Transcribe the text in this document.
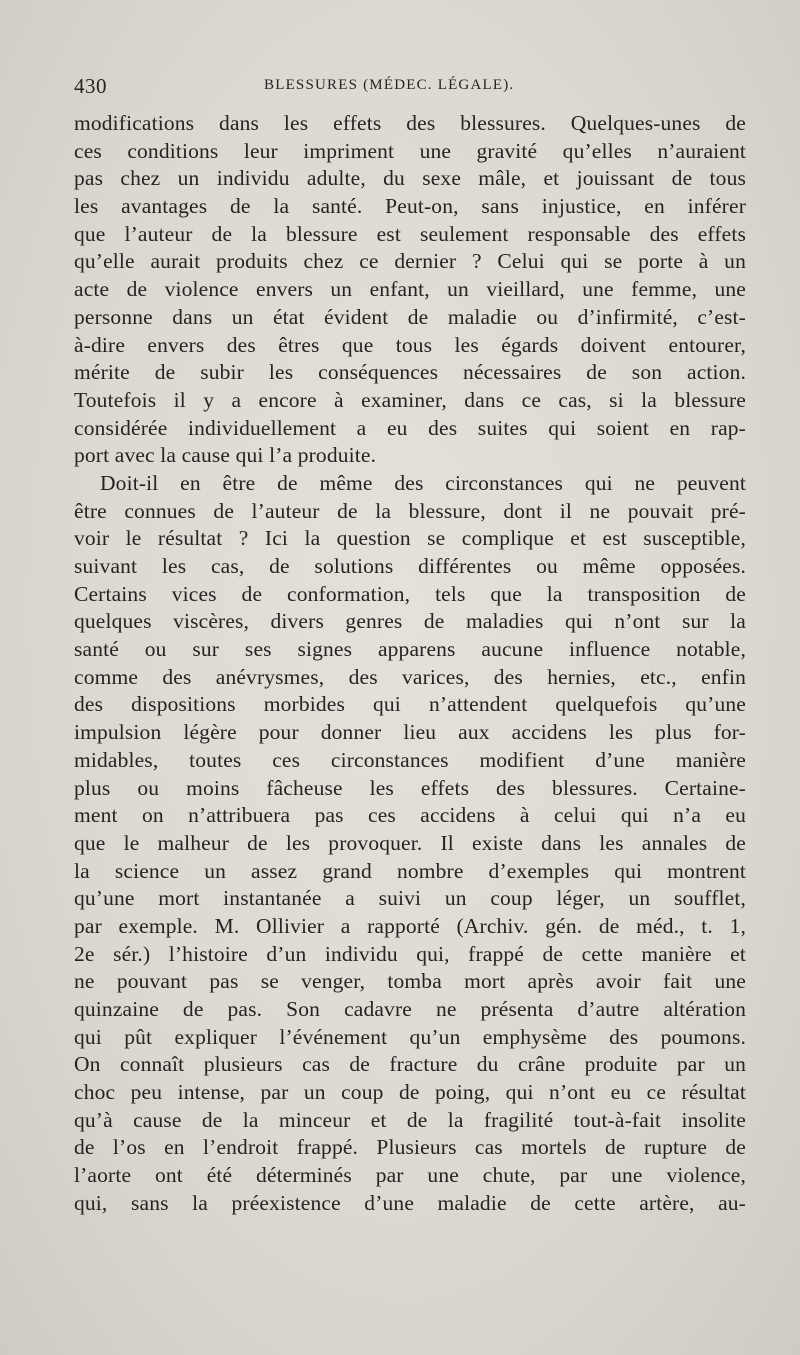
430	BLESSURES (MÉDEC. LÉGALE).
modifications dans les effets des blessures. Quelques-unes de
ces conditions leur impriment une gravité qu’elles n’auraient
pas chez un individu adulte, du sexe mâle, et jouissant de tous
les avantages de la santé. Peut-on, sans injustice, en inférer
que l’auteur de la blessure est seulement responsable des effets
qu’elle aurait produits chez ce dernier ? Celui qui se porte à un
acte de violence envers un enfant, un vieillard, une femme, une
personne dans un état évident de maladie ou d’infirmité, c’est-
à-dire envers des êtres que tous les égards doivent entourer,
mérite de subir les conséquences nécessaires de son action.
Toutefois il y a encore à examiner, dans ce cas, si la blessure
considérée individuellement a eu des suites qui soient en rap-
port avec la cause qui l’a produite.
Doit-il en être de même des circonstances qui ne peuvent
être connues de l’auteur de la blessure, dont il ne pouvait pré-
voir le résultat ? Ici la question se complique et est susceptible,
suivant les cas, de solutions différentes ou même opposées.
Certains vices de conformation, tels que la transposition de
quelques viscères, divers genres de maladies qui n’ont sur la
santé ou sur ses signes apparens aucune influence notable,
comme des anévrysmes, des varices, des hernies, etc., enfin
des dispositions morbides qui n’attendent quelquefois qu’une
impulsion légère pour donner lieu aux accidens les plus for-
midables, toutes ces circonstances modifient d’une manière
plus ou moins fâcheuse les effets des blessures. Certaine-
ment on n’attribuera pas ces accidens à celui qui n’a eu
que le malheur de les provoquer. Il existe dans les annales de
la science un assez grand nombre d’exemples qui montrent
qu’une mort instantanée a suivi un coup léger, un soufflet,
par exemple. M. Ollivier a rapporté (Archiv. gén. de méd., t. 1,
2e sér.) l’histoire d’un individu qui, frappé de cette manière et
ne pouvant pas se venger, tomba mort après avoir fait une
quinzaine de pas. Son cadavre ne présenta d’autre altération
qui pût expliquer l’événement qu’un emphysème des poumons.
On connaît plusieurs cas de fracture du crâne produite par un
choc peu intense, par un coup de poing, qui n’ont eu ce résultat
qu’à cause de la minceur et de la fragilité tout-à-fait insolite
de l’os en l’endroit frappé. Plusieurs cas mortels de rupture de
l’aorte ont été déterminés par une chute, par une violence,
qui, sans la préexistence d’une maladie de cette artère, au-
